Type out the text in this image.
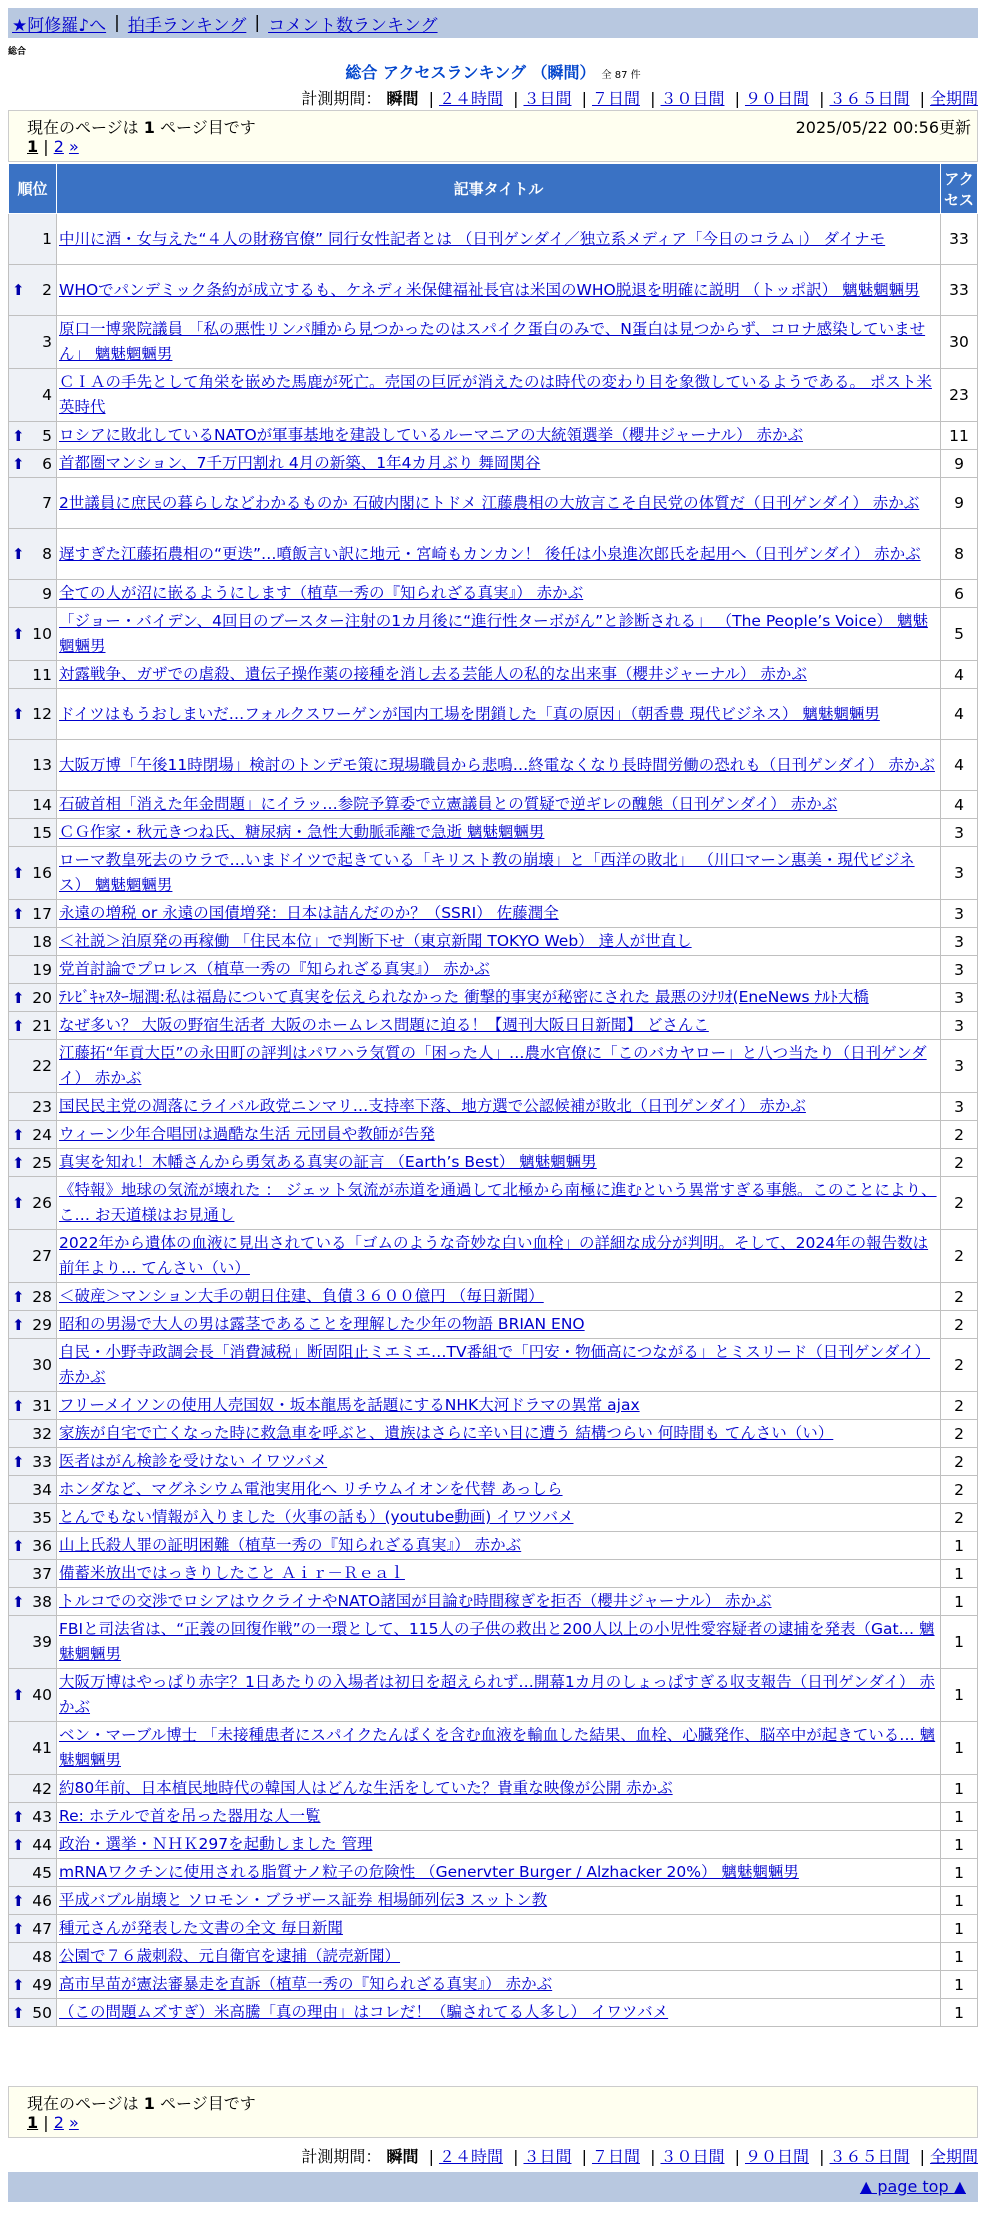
★阿修羅♪へ | 拍手ランキング | コメント数ランキング
総合
総合 アクセスランキング （瞬間） 全 87 件
計測期間： 瞬間 | ２４時間 | ３日間 | ７日間 | ３０日間 | ９０日間 | ３６５日間 | 全期間
現在のページは 1 ページ目です	2025/05/22 00:56更新
1 | 2 »
順位	記事タイトル	アクセス
1	中川に酒・女与えた“４人の財務官僚” 同行女性記者とは （日刊ゲンダイ／独立系メディア「今日のコラム」） ダイナモ	33

⬆ 2	WHOでパンデミック条約が成立するも、ケネディ米保健福祉長官は米国のWHO脱退を明確に説明 （トッポ訳） 魑魅魍魎男	33
3	原口一博衆院議員 「私の悪性リンパ腫から見つかったのはスパイク蛋白のみで、N蛋白は見つからず、コロナ感染していません」 魑魅魍魎男	30
4	ＣＩＡの手先として角栄を嵌めた馬鹿が死亡。売国の巨匠が消えたのは時代の変わり目を象徴しているようである。 ポスト米英時代	23

⬆ 5	ロシアに敗北しているNATOが軍事基地を建設しているルーマニアの大統領選挙（櫻井ジャーナル） 赤かぶ	11

⬆ 6	首都圏マンション、7千万円割れ 4月の新築、1年4カ月ぶり 舞岡関谷	9
7	2世議員に庶民の暮らしなどわかるものか 石破内閣にトドメ 江藤農相の大放言こそ自民党の体質だ（日刊ゲンダイ） 赤かぶ	9

⬆ 8	遅すぎた江藤拓農相の“更迭”…噴飯言い訳に地元・宮崎もカンカン！ 後任は小泉進次郎氏を起用へ（日刊ゲンダイ） 赤かぶ	8
9	全ての人が沼に嵌るようにします（植草一秀の『知られざる真実』） 赤かぶ	6

⬆ 10	「ジョー・バイデン、4回目のブースター注射の1カ月後に“進行性ターボがん”と診断される」 （The People’s Voice） 魑魅魍魎男	5
11	対露戦争、ガザでの虐殺、遺伝子操作薬の接種を消し去る芸能人の私的な出来事（櫻井ジャーナル） 赤かぶ	4

⬆ 12	ドイツはもうおしまいだ…フォルクスワーゲンが国内工場を閉鎖した「真の原因」（朝香豊 現代ビジネス） 魑魅魍魎男	4
13	大阪万博「午後11時閉場」検討のトンデモ策に現場職員から悲鳴…終電なくなり長時間労働の恐れも（日刊ゲンダイ） 赤かぶ	4
14	石破首相「消えた年金問題」にイラッ…参院予算委で立憲議員との質疑で逆ギレの醜態（日刊ゲンダイ） 赤かぶ	4
15	ＣＧ作家・秋元きつね氏、糖尿病・急性大動脈乖離で急逝 魑魅魍魎男	3

⬆ 16	ローマ教皇死去のウラで…いまドイツで起きている「キリスト教の崩壊」と「西洋の敗北」 （川口マーン惠美・現代ビジネス） 魑魅魍魎男	3

⬆ 17	永遠の増税 or 永遠の国債増発：日本は詰んだのか？（SSRI） 佐藤潤全	3
18	＜社説＞泊原発の再稼働 「住民本位」で判断下せ（東京新聞 TOKYO Web） 達人が世直し	3
19	党首討論でプロレス（植草一秀の『知られざる真実』） 赤かぶ	3

⬆ 20	ﾃﾚﾋﾞｷｬｽﾀｰ堀潤:私は福島について真実を伝えられなかった 衝撃的事実が秘密にされた 最悪のｼﾅﾘｵ(EneNews ﾅﾙﾄ大橋	3

⬆ 21	なぜ多い？ 大阪の野宿生活者 大阪のホームレス問題に迫る！【週刊大阪日日新聞】 どさんこ	3
22	江藤拓“年貢大臣”の永田町の評判はパワハラ気質の「困った人」…農水官僚に「このバカヤロー」と八つ当たり（日刊ゲンダイ） 赤かぶ	3
23	国民民主党の凋落にライバル政党ニンマリ…支持率下落、地方選で公認候補が敗北（日刊ゲンダイ） 赤かぶ	3

⬆ 24	ウィーン少年合唱団は過酷な生活 元団員や教師が告発	2

⬆ 25	真実を知れ！木幡さんから勇気ある真実の証言 （Earth’s Best） 魑魅魍魎男	2

⬆ 26	《特報》地球の気流が壊れた ： ジェット気流が赤道を通過して北極から南極に進むという異常すぎる事態。このことにより、こ… お天道様はお見通し	2
27	2022年から遺体の血液に見出されている「ゴムのような奇妙な白い血栓」の詳細な成分が判明。そして、2024年の報告数は前年より… てんさい（い）	2

⬆ 28	＜破産＞マンション大手の朝日住建、負債３６００億円 （毎日新聞）	2

⬆ 29	昭和の男湯で大人の男は露茎であることを理解した少年の物語 BRIAN ENO	2
30	自民・小野寺政調会長「消費減税」断固阻止ミエミエ…TV番組で「円安・物価高につながる」とミスリード（日刊ゲンダイ） 赤かぶ	2

⬆ 31	フリーメイソンの使用人売国奴・坂本龍馬を話題にするNHK大河ドラマの異常 ajax	2
32	家族が自宅で亡くなった時に救急車を呼ぶと、遺族はさらに辛い目に遭う 結構つらい 何時間も てんさい（い）	2

⬆ 33	医者はがん検診を受けない イワツバメ	2
34	ホンダなど、マグネシウム電池実用化へ リチウムイオンを代替 あっしら	2
35	とんでもない情報が入りました（火事の話も）(youtube動画) イワツバメ	2

⬆ 36	山上氏殺人罪の証明困難（植草一秀の『知られざる真実』） 赤かぶ	1
37	備蓄米放出ではっきりしたこと Ａｉｒ－Ｒｅａｌ	1

⬆ 38	トルコでの交渉でロシアはウクライナやNATO諸国が目論む時間稼ぎを拒否（櫻井ジャーナル） 赤かぶ	1
39	FBIと司法省は、“正義の回復作戦”の一環として、115人の子供の救出と200人以上の小児性愛容疑者の逮捕を発表（Gat… 魑魅魍魎男	1

⬆ 40	大阪万博はやっぱり赤字？1日あたりの入場者は初日を超えられず…開幕1カ月のしょっぱすぎる収支報告（日刊ゲンダイ） 赤かぶ	1
41	ベン・マーブル博士 「未接種患者にスパイクたんぱくを含む血液を輸血した結果、血栓、心臓発作、脳卒中が起きている… 魑魅魍魎男	1
42	約80年前、日本植民地時代の韓国人はどんな生活をしていた？貴重な映像が公開 赤かぶ	1

⬆ 43	Re: ホテルで首を吊った器用な人一覧	1

⬆ 44	政治・選挙・ＮＨＫ297を起動しました 管理	1
45	mRNAワクチンに使用される脂質ナノ粒子の危険性 （Genervter Burger / Alzhacker 20%） 魑魅魍魎男	1

⬆ 46	平成バブル崩壊と ソロモン・ブラザース証券 相場師列伝3 スットン教	1

⬆ 47	種元さんが発表した文書の全文 毎日新聞	1
48	公園で７６歳刺殺、元自衛官を逮捕（読売新聞）	1

⬆ 49	高市早苗が憲法審暴走を直訴（植草一秀の『知られざる真実』） 赤かぶ	1

⬆ 50	（この問題ムズすぎ）米高騰「真の理由」はコレだ！（騙されてる人多し） イワツバメ	1
現在のページは 1 ページ目です
1 | 2 »
計測期間： 瞬間 | ２４時間 | ３日間 | ７日間 | ３０日間 | ９０日間 | ３６５日間 | 全期間
▲ page top ▲
